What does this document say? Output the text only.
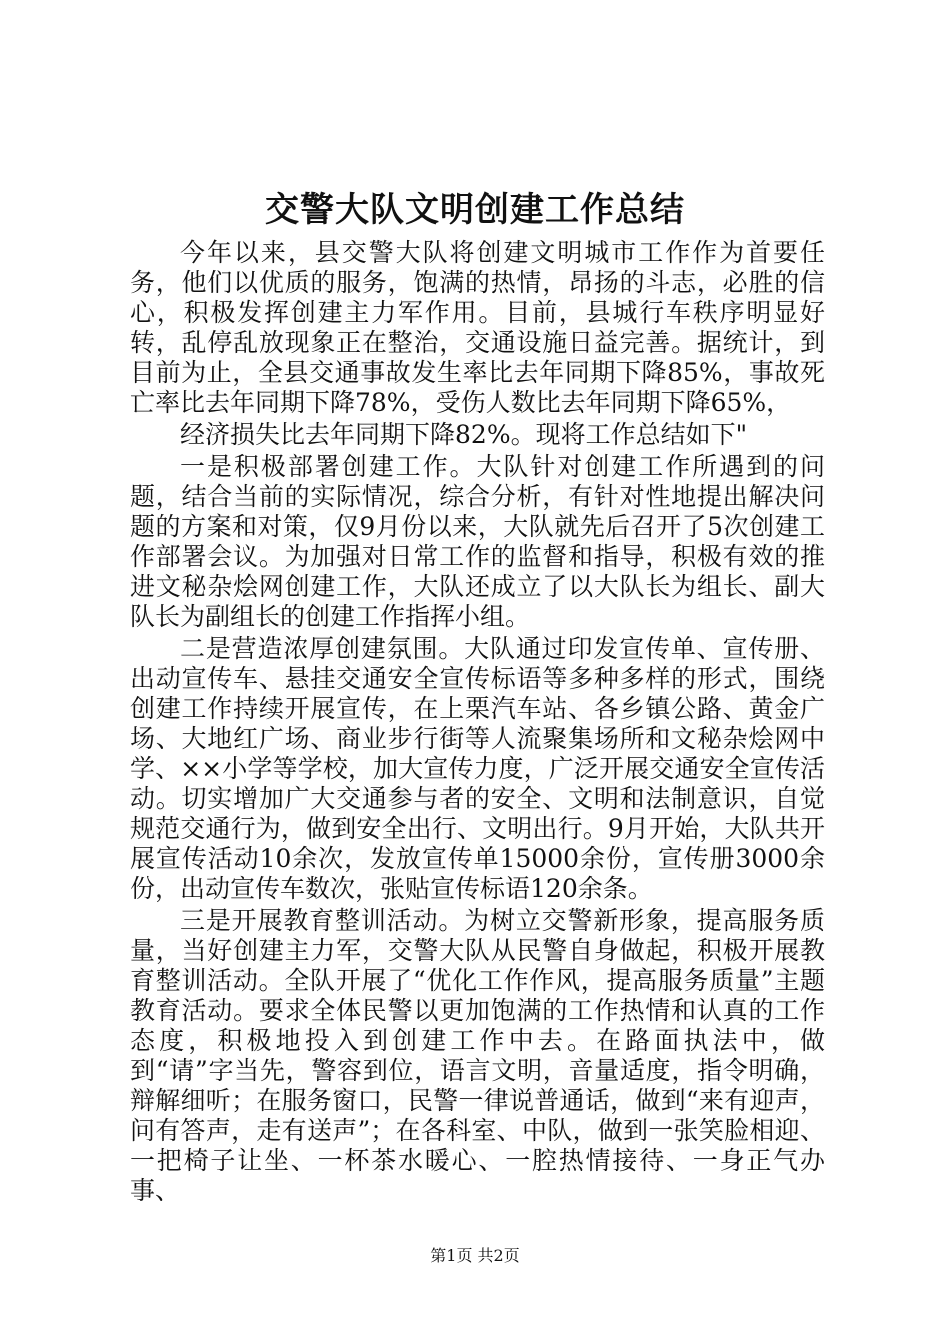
交警大队文明创建工作总结

今年以来，县交警大队将创建文明城市工作作为首要任务，他们以优质的服务，饱满的热情，昂扬的斗志，必胜的信心，积极发挥创建主力军作用。目前，县城行车秩序明显好转，乱停乱放现象正在整治，交通设施日益完善。据统计，到目前为止，全县交通事故发生率比去年同期下降85%，事故死亡率比去年同期下降78%，受伤人数比去年同期下降65%，

经济损失比去年同期下降82%。现将工作总结如下"

一是积极部署创建工作。大队针对创建工作所遇到的问题，结合当前的实际情况，综合分析，有针对性地提出解决问题的方案和对策，仅9月份以来，大队就先后召开了5次创建工作部署会议。为加强对日常工作的监督和指导，积极有效的推进文秘杂烩网创建工作，大队还成立了以大队长为组长、副大队长为副组长的创建工作指挥小组。

二是营造浓厚创建氛围。大队通过印发宣传单、宣传册、出动宣传车、悬挂交通安全宣传标语等多种多样的形式，围绕创建工作持续开展宣传，在上栗汽车站、各乡镇公路、黄金广场、大地红广场、商业步行街等人流聚集场所和文秘杂烩网中学、××小学等学校，加大宣传力度，广泛开展交通安全宣传活动。切实增加广大交通参与者的安全、文明和法制意识，自觉规范交通行为，做到安全出行、文明出行。9月开始，大队共开展宣传活动10余次，发放宣传单15000余份，宣传册3000余份，出动宣传车数次，张贴宣传标语120余条。

三是开展教育整训活动。为树立交警新形象，提高服务质量，当好创建主力军，交警大队从民警自身做起，积极开展教育整训活动。全队开展了“优化工作作风，提高服务质量”主题教育活动。要求全体民警以更加饱满的工作热情和认真的工作态度，积极地投入到创建工作中去。在路面执法中，做到“请”字当先，警容到位，语言文明，音量适度，指令明确，辩解细听；在服务窗口，民警一律说普通话，做到“来有迎声，问有答声，走有送声”；在各科室、中队，做到一张笑脸相迎、一把椅子让坐、一杯茶水暖心、一腔热情接待、一身正气办事、

第1页 共2页
